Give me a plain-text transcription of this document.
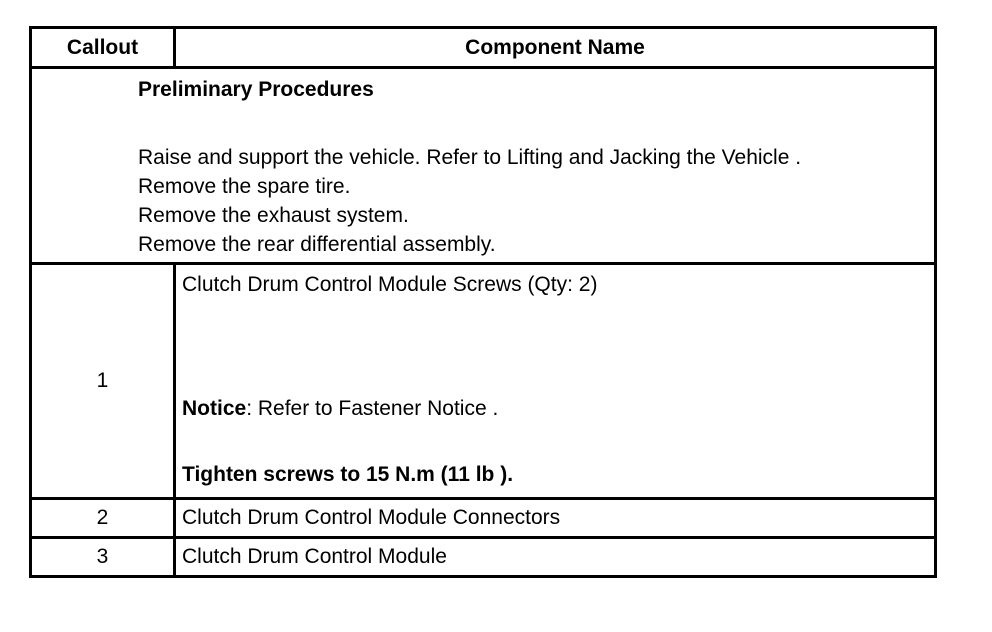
Callout	Component Name

Preliminary Procedures
Raise and support the vehicle. Refer to Lifting and Jacking the Vehicle .
Remove the spare tire.
Remove the exhaust system.
Remove the rear differential assembly.	

1	Clutch Drum Control Module Screws (Qty: 2)
Notice: Refer to Fastener Notice .
Tighten screws to 15 N.m (11 lb ).

2	Clutch Drum Control Module Connectors
3	Clutch Drum Control Module
